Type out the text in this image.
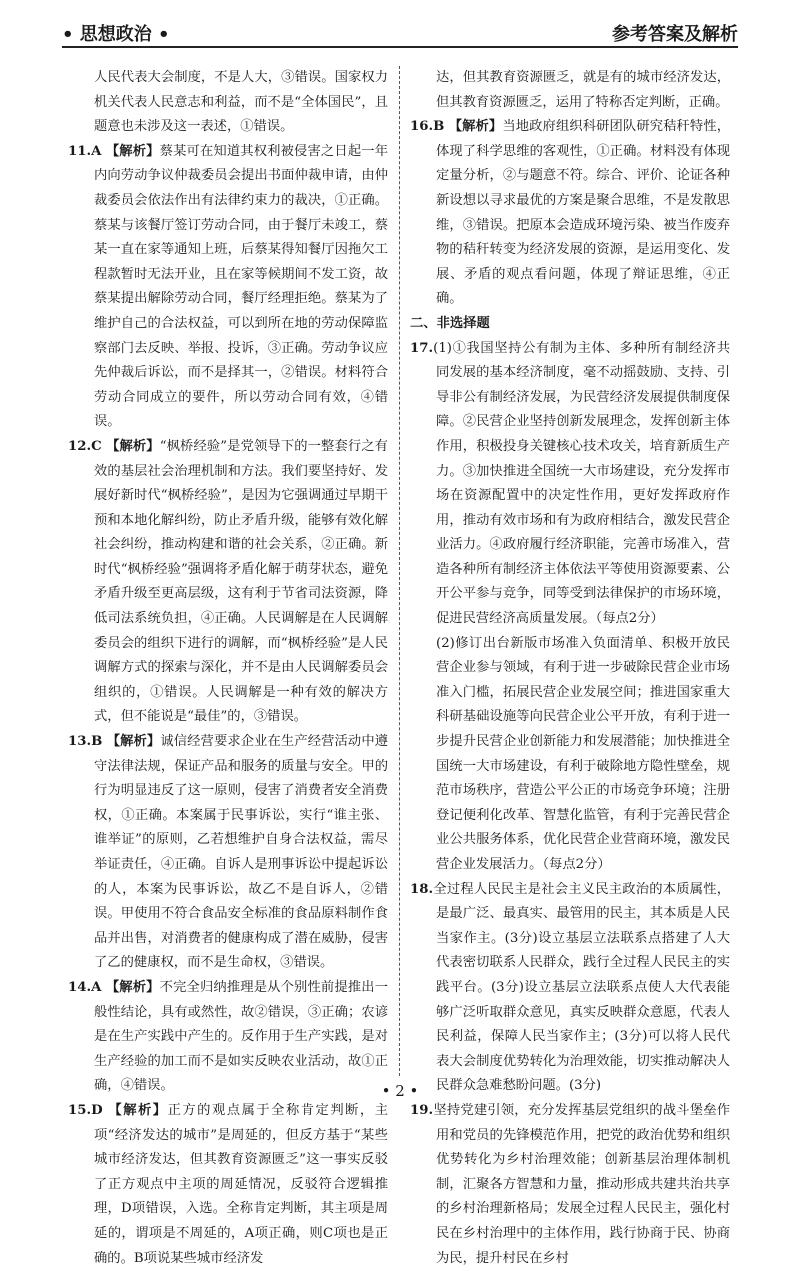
• 思想政治 •	参考答案及解析

人民代表大会制度，不是人大，③错误。国家权力机关代表人民意志和利益，而不是“全体国民”，且题意也未涉及这一表述，①错误。

11.A 【解析】蔡某可在知道其权利被侵害之日起一年内向劳动争议仲裁委员会提出书面仲裁申请，由仲裁委员会依法作出有法律约束力的裁决，①正确。蔡某与该餐厅签订劳动合同，由于餐厅未竣工，蔡某一直在家等通知上班，后蔡某得知餐厅因拖欠工程款暂时无法开业，且在家等候期间不发工资，故蔡某提出解除劳动合同，餐厅经理拒绝。蔡某为了维护自己的合法权益，可以到所在地的劳动保障监察部门去反映、举报、投诉，③正确。劳动争议应先仲裁后诉讼，而不是择其一，②错误。材料符合劳动合同成立的要件，所以劳动合同有效，④错误。

12.C 【解析】“枫桥经验”是党领导下的一整套行之有效的基层社会治理机制和方法。我们要坚持好、发展好新时代“枫桥经验”，是因为它强调通过早期干预和本地化解纠纷，防止矛盾升级，能够有效化解社会纠纷，推动构建和谐的社会关系，②正确。新时代“枫桥经验”强调将矛盾化解于萌芽状态，避免矛盾升级至更高层级，这有利于节省司法资源，降低司法系统负担，④正确。人民调解是在人民调解委员会的组织下进行的调解，而“枫桥经验”是人民调解方式的探索与深化，并不是由人民调解委员会组织的，①错误。人民调解是一种有效的解决方式，但不能说是“最佳”的，③错误。

13.B 【解析】诚信经营要求企业在生产经营活动中遵守法律法规，保证产品和服务的质量与安全。甲的行为明显违反了这一原则，侵害了消费者安全消费权，①正确。本案属于民事诉讼，实行“谁主张、谁举证”的原则，乙若想维护自身合法权益，需尽举证责任，④正确。自诉人是刑事诉讼中提起诉讼的人，本案为民事诉讼，故乙不是自诉人，②错误。甲使用不符合食品安全标准的食品原料制作食品并出售，对消费者的健康构成了潜在威胁，侵害了乙的健康权，而不是生命权，③错误。

14.A 【解析】不完全归纳推理是从个别性前提推出一般性结论，具有或然性，故②错误，③正确；农谚是在生产实践中产生的。反作用于生产实践，是对生产经验的加工而不是如实反映农业活动，故①正确，④错误。

15.D 【解析】正方的观点属于全称肯定判断，主项“经济发达的城市”是周延的，但反方基于“某些城市经济发达，但其教育资源匮乏”这一事实反驳了正方观点中主项的周延情况，反驳符合逻辑推理，D项错误，入选。全称肯定判断，其主项是周延的，谓项是不周延的，A项正确，则C项也是正确的。B项说某些城市经济发

达，但其教育资源匮乏，就是有的城市经济发达，但其教育资源匮乏，运用了特称否定判断，正确。

16.B 【解析】当地政府组织科研团队研究秸秆特性，体现了科学思维的客观性，①正确。材料没有体现定量分析，②与题意不符。综合、评价、论证各种新设想以寻求最优的方案是聚合思维，不是发散思维，③错误。把原本会造成环境污染、被当作废弃物的秸秆转变为经济发展的资源，是运用变化、发展、矛盾的观点看问题，体现了辩证思维，④正确。

二、非选择题

17.(1)①我国坚持公有制为主体、多种所有制经济共同发展的基本经济制度，毫不动摇鼓励、支持、引导非公有制经济发展，为民营经济发展提供制度保障。②民营企业坚持创新发展理念，发挥创新主体作用，积极投身关键核心技术攻关，培育新质生产力。③加快推进全国统一大市场建设，充分发挥市场在资源配置中的决定性作用，更好发挥政府作用，推动有效市场和有为政府相结合，激发民营企业活力。④政府履行经济职能，完善市场准入，营造各种所有制经济主体依法平等使用资源要素、公开公平参与竞争，同等受到法律保护的市场环境，促进民营经济高质量发展。（每点2分）

(2)修订出台新版市场准入负面清单、积极开放民营企业参与领域，有利于进一步破除民营企业市场准入门槛，拓展民营企业发展空间；推进国家重大科研基础设施等向民营企业公平开放，有利于进一步提升民营企业创新能力和发展潜能；加快推进全国统一大市场建设，有利于破除地方隐性壁垒，规范市场秩序，营造公平公正的市场竞争环境；注册登记便利化改革、智慧化监管，有利于完善民营企业公共服务体系，优化民营企业营商环境，激发民营企业发展活力。（每点2分）

18.全过程人民民主是社会主义民主政治的本质属性，是最广泛、最真实、最管用的民主，其本质是人民当家作主。(3分)设立基层立法联系点搭建了人大代表密切联系人民群众，践行全过程人民民主的实践平台。(3分)设立基层立法联系点使人大代表能够广泛听取群众意见，真实反映群众意愿，代表人民利益，保障人民当家作主；(3分)可以将人民代表大会制度优势转化为治理效能，切实推动解决人民群众急难愁盼问题。(3分)

19.坚持党建引领，充分发挥基层党组织的战斗堡垒作用和党员的先锋模范作用，把党的政治优势和组织优势转化为乡村治理效能；创新基层治理体制机制，汇聚各方智慧和力量，推动形成共建共治共享的乡村治理新格局；发展全过程人民民主，强化村民在乡村治理中的主体作用，践行协商于民、协商为民，提升村民在乡村

• 2 •
